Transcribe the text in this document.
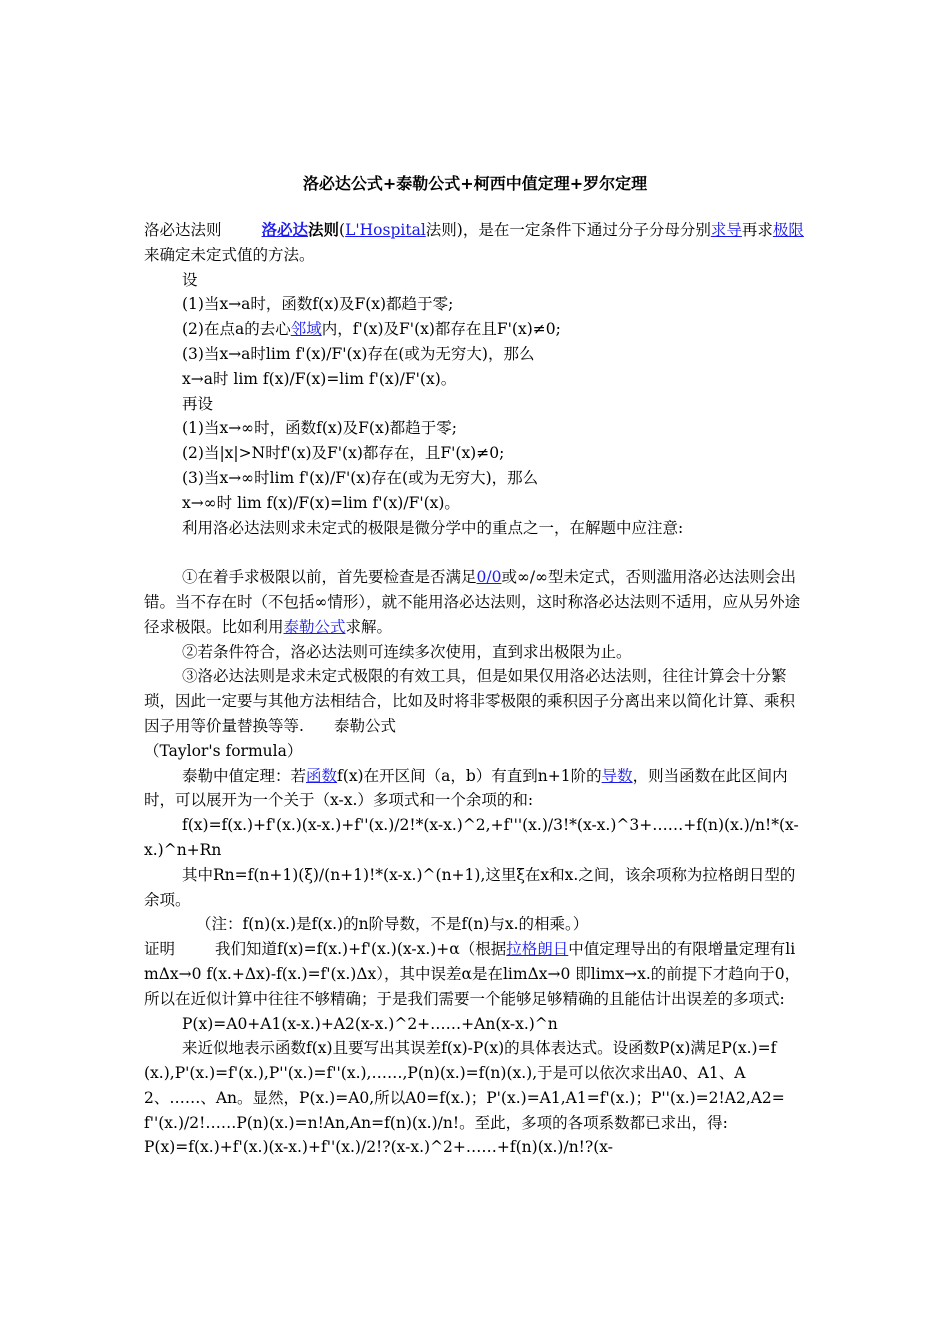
洛必达公式+泰勒公式+柯西中值定理+罗尔定理

洛必达法则	洛必达法则(L'Hospital法则)，是在一定条件下通过分子分母分别求导再求极限来确定未定式值的方法。

设

(1)当x→a时，函数f(x)及F(x)都趋于零;

(2)在点a的去心邻域内，f'(x)及F'(x)都存在且F'(x)≠0;

(3)当x→a时lim f'(x)/F'(x)存在(或为无穷大)，那么

x→a时 lim f(x)/F(x)=lim f'(x)/F'(x)。

再设

(1)当x→∞时，函数f(x)及F(x)都趋于零;

(2)当|x|>N时f'(x)及F'(x)都存在，且F'(x)≠0;

(3)当x→∞时lim f'(x)/F'(x)存在(或为无穷大)，那么

x→∞时 lim f(x)/F(x)=lim f'(x)/F'(x)。

利用洛必达法则求未定式的极限是微分学中的重点之一，在解题中应注意:

①在着手求极限以前，首先要检查是否满足0/0或∞/∞型未定式，否则滥用洛必达法则会出错。当不存在时（不包括∞情形），就不能用洛必达法则，这时称洛必达法则不适用，应从另外途径求极限。比如利用泰勒公式求解。

②若条件符合，洛必达法则可连续多次使用，直到求出极限为止。

③洛必达法则是求未定式极限的有效工具，但是如果仅用洛必达法则，往往计算会十分繁琐，因此一定要与其他方法相结合，比如及时将非零极限的乘积因子分离出来以简化计算、乘积因子用等价量替换等等. 泰勒公式

（Taylor's formula）

泰勒中值定理：若函数f(x)在开区间（a，b）有直到n+1阶的导数，则当函数在此区间内时，可以展开为一个关于（x-x.）多项式和一个余项的和:

f(x)=f(x.)+f'(x.)(x-x.)+f''(x.)/2!*(x-x.)^2,+f'''(x.)/3!*(x-x.)^3+……+f(n)(x.)/n!*(x-x.)^n+Rn

其中Rn=f(n+1)(ξ)/(n+1)!*(x-x.)^(n+1),这里ξ在x和x.之间，该余项称为拉格朗日型的余项。

（注：f(n)(x.)是f(x.)的n阶导数，不是f(n)与x.的相乘。）

证明	我们知道f(x)=f(x.)+f'(x.)(x-x.)+α（根据拉格朗日中值定理导出的有限增量定理有limΔx→0 f(x.+Δx)-f(x.)=f'(x.)Δx），其中误差α是在limΔx→0 即limx→x.的前提下才趋向于0，所以在近似计算中往往不够精确；于是我们需要一个能够足够精确的且能估计出误差的多项式:

P(x)=A0+A1(x-x.)+A2(x-x.)^2+……+An(x-x.)^n

来近似地表示函数f(x)且要写出其误差f(x)-P(x)的具体表达式。设函数P(x)满足P(x.)=f(x.),P'(x.)=f'(x.),P''(x.)=f''(x.),……,P(n)(x.)=f(n)(x.),于是可以依次求出A0、A1、A2、……、An。显然，P(x.)=A0,所以A0=f(x.)；P'(x.)=A1,A1=f'(x.)；P''(x.)=2!A2,A2=f''(x.)/2!……P(n)(x.)=n!An,An=f(n)(x.)/n!。至此，多项的各项系数都已求出，得:

P(x)=f(x.)+f'(x.)(x-x.)+f''(x.)/2!?(x-x.)^2+……+f(n)(x.)/n!?(x-
